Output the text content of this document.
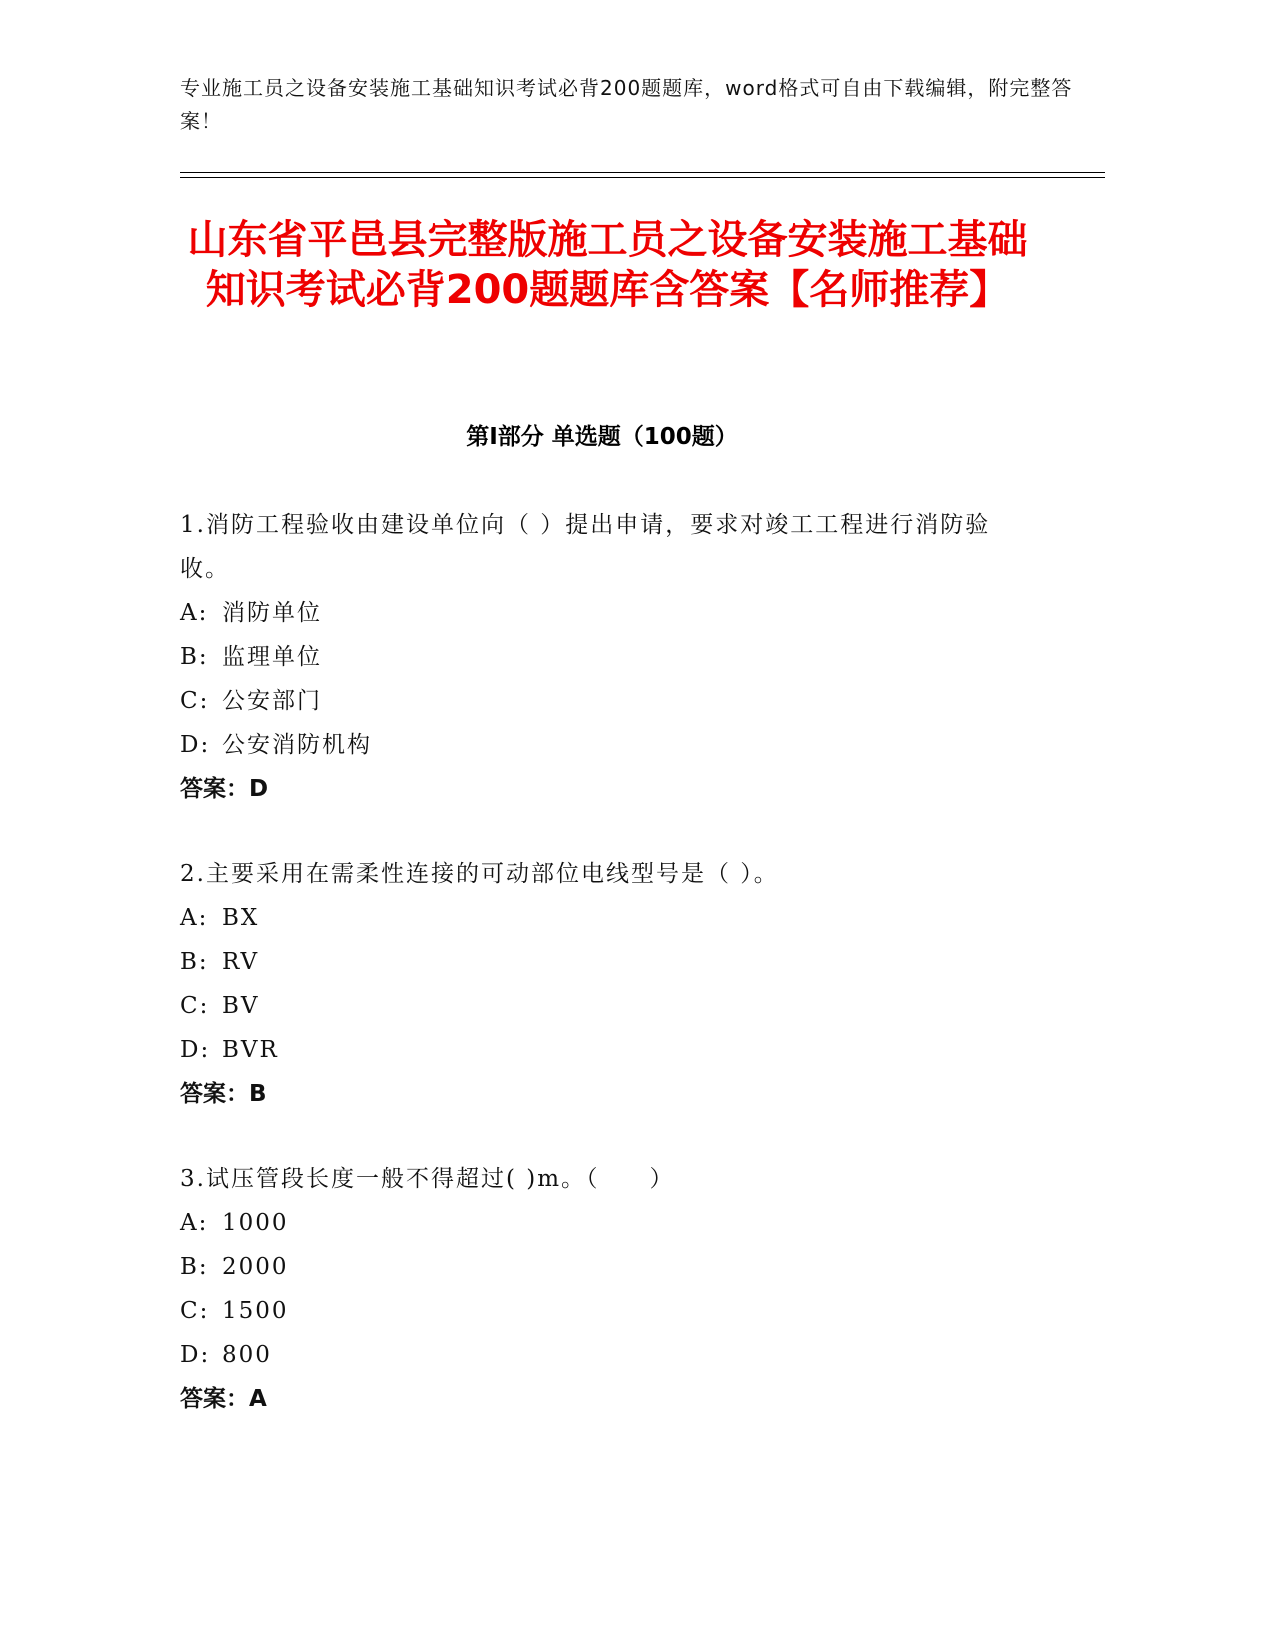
专业施工员之设备安装施工基础知识考试必背200题题库，word格式可自由下载编辑，附完整答案！
山东省平邑县完整版施工员之设备安装施工基础知识考试必背200题题库含答案【名师推荐】
第Ⅰ部分 单选题（100题）
1.消防工程验收由建设单位向（ ）提出申请，要求对竣工工程进行消防验收。
A: 消防单位
B: 监理单位
C: 公安部门
D: 公安消防机构
答案：D
2.主要采用在需柔性连接的可动部位电线型号是（ ）。
A: BX
B: RV
C: BV
D: BVR
答案：B
3.试压管段长度一般不得超过( )m。（　　）
A: 1000
B: 2000
C: 1500
D: 800
答案：A
